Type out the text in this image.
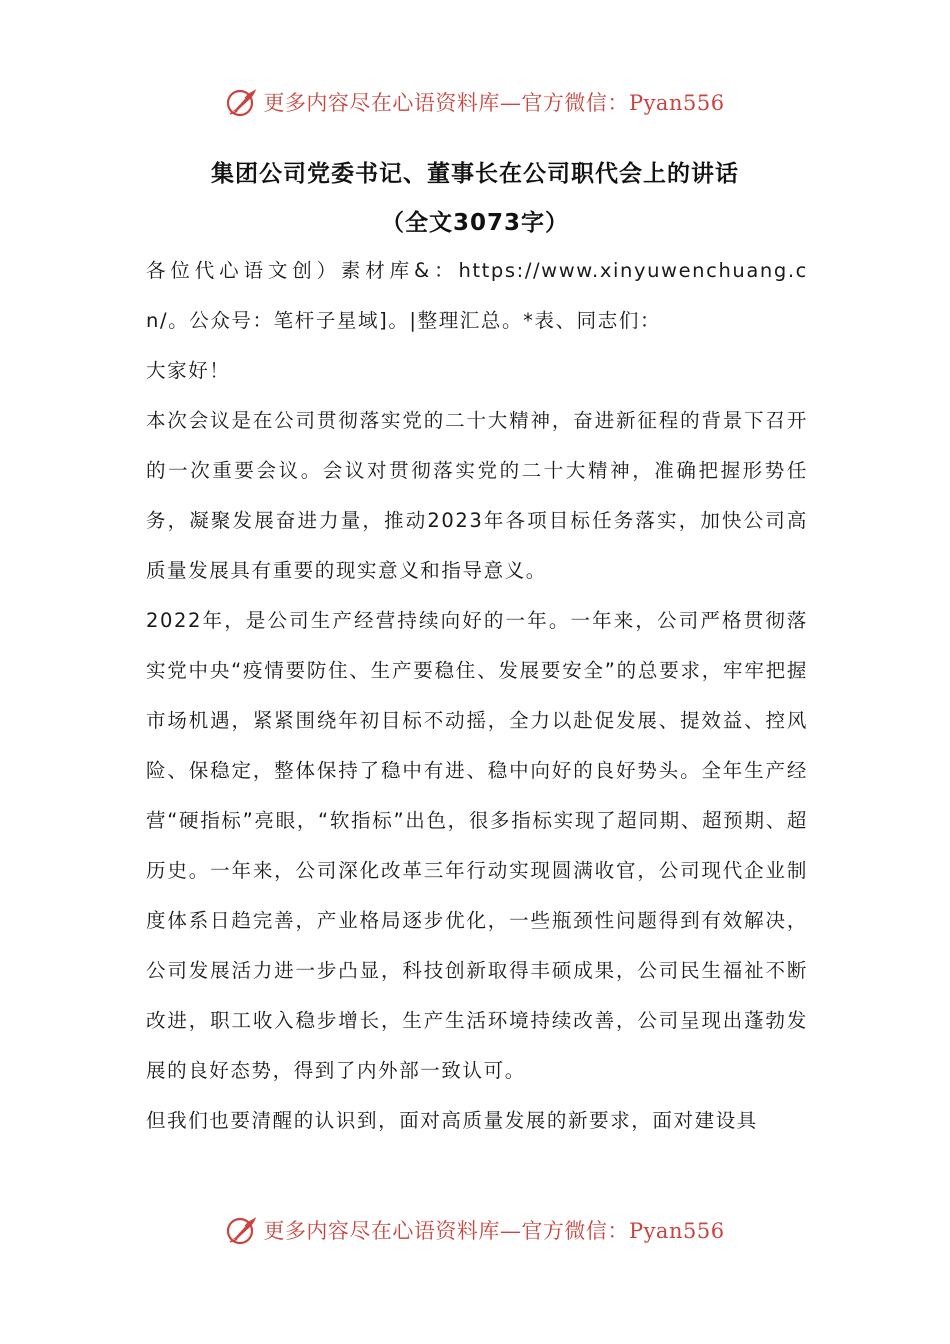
更多内容尽在心语资料库—官方微信：Pyan556
集团公司党委书记、董事长在公司职代会上的讲话
（全文3073字）

各位代心语文创）素材库&：https://www.xinyuwenchuang.cn/。公众号：笔杆子星域]。|整理汇总。*表、同志们：

大家好！

本次会议是在公司贯彻落实党的二十大精神，奋进新征程的背景下召开的一次重要会议。会议对贯彻落实党的二十大精神，准确把握形势任务，凝聚发展奋进力量，推动2023年各项目标任务落实，加快公司高质量发展具有重要的现实意义和指导意义。

2022年，是公司生产经营持续向好的一年。一年来，公司严格贯彻落实党中央“疫情要防住、生产要稳住、发展要安全”的总要求，牢牢把握市场机遇，紧紧围绕年初目标不动摇，全力以赴促发展、提效益、控风险、保稳定，整体保持了稳中有进、稳中向好的良好势头。全年生产经营“硬指标”亮眼，“软指标”出色，很多指标实现了超同期、超预期、超历史。一年来，公司深化改革三年行动实现圆满收官，公司现代企业制度体系日趋完善，产业格局逐步优化，一些瓶颈性问题得到有效解决，公司发展活力进一步凸显，科技创新取得丰硕成果，公司民生福祉不断改进，职工收入稳步增长，生产生活环境持续改善，公司呈现出蓬勃发展的良好态势，得到了内外部一致认可。

但我们也要清醒的认识到，面对高质量发展的新要求，面对建设具

更多内容尽在心语资料库—官方微信：Pyan556
